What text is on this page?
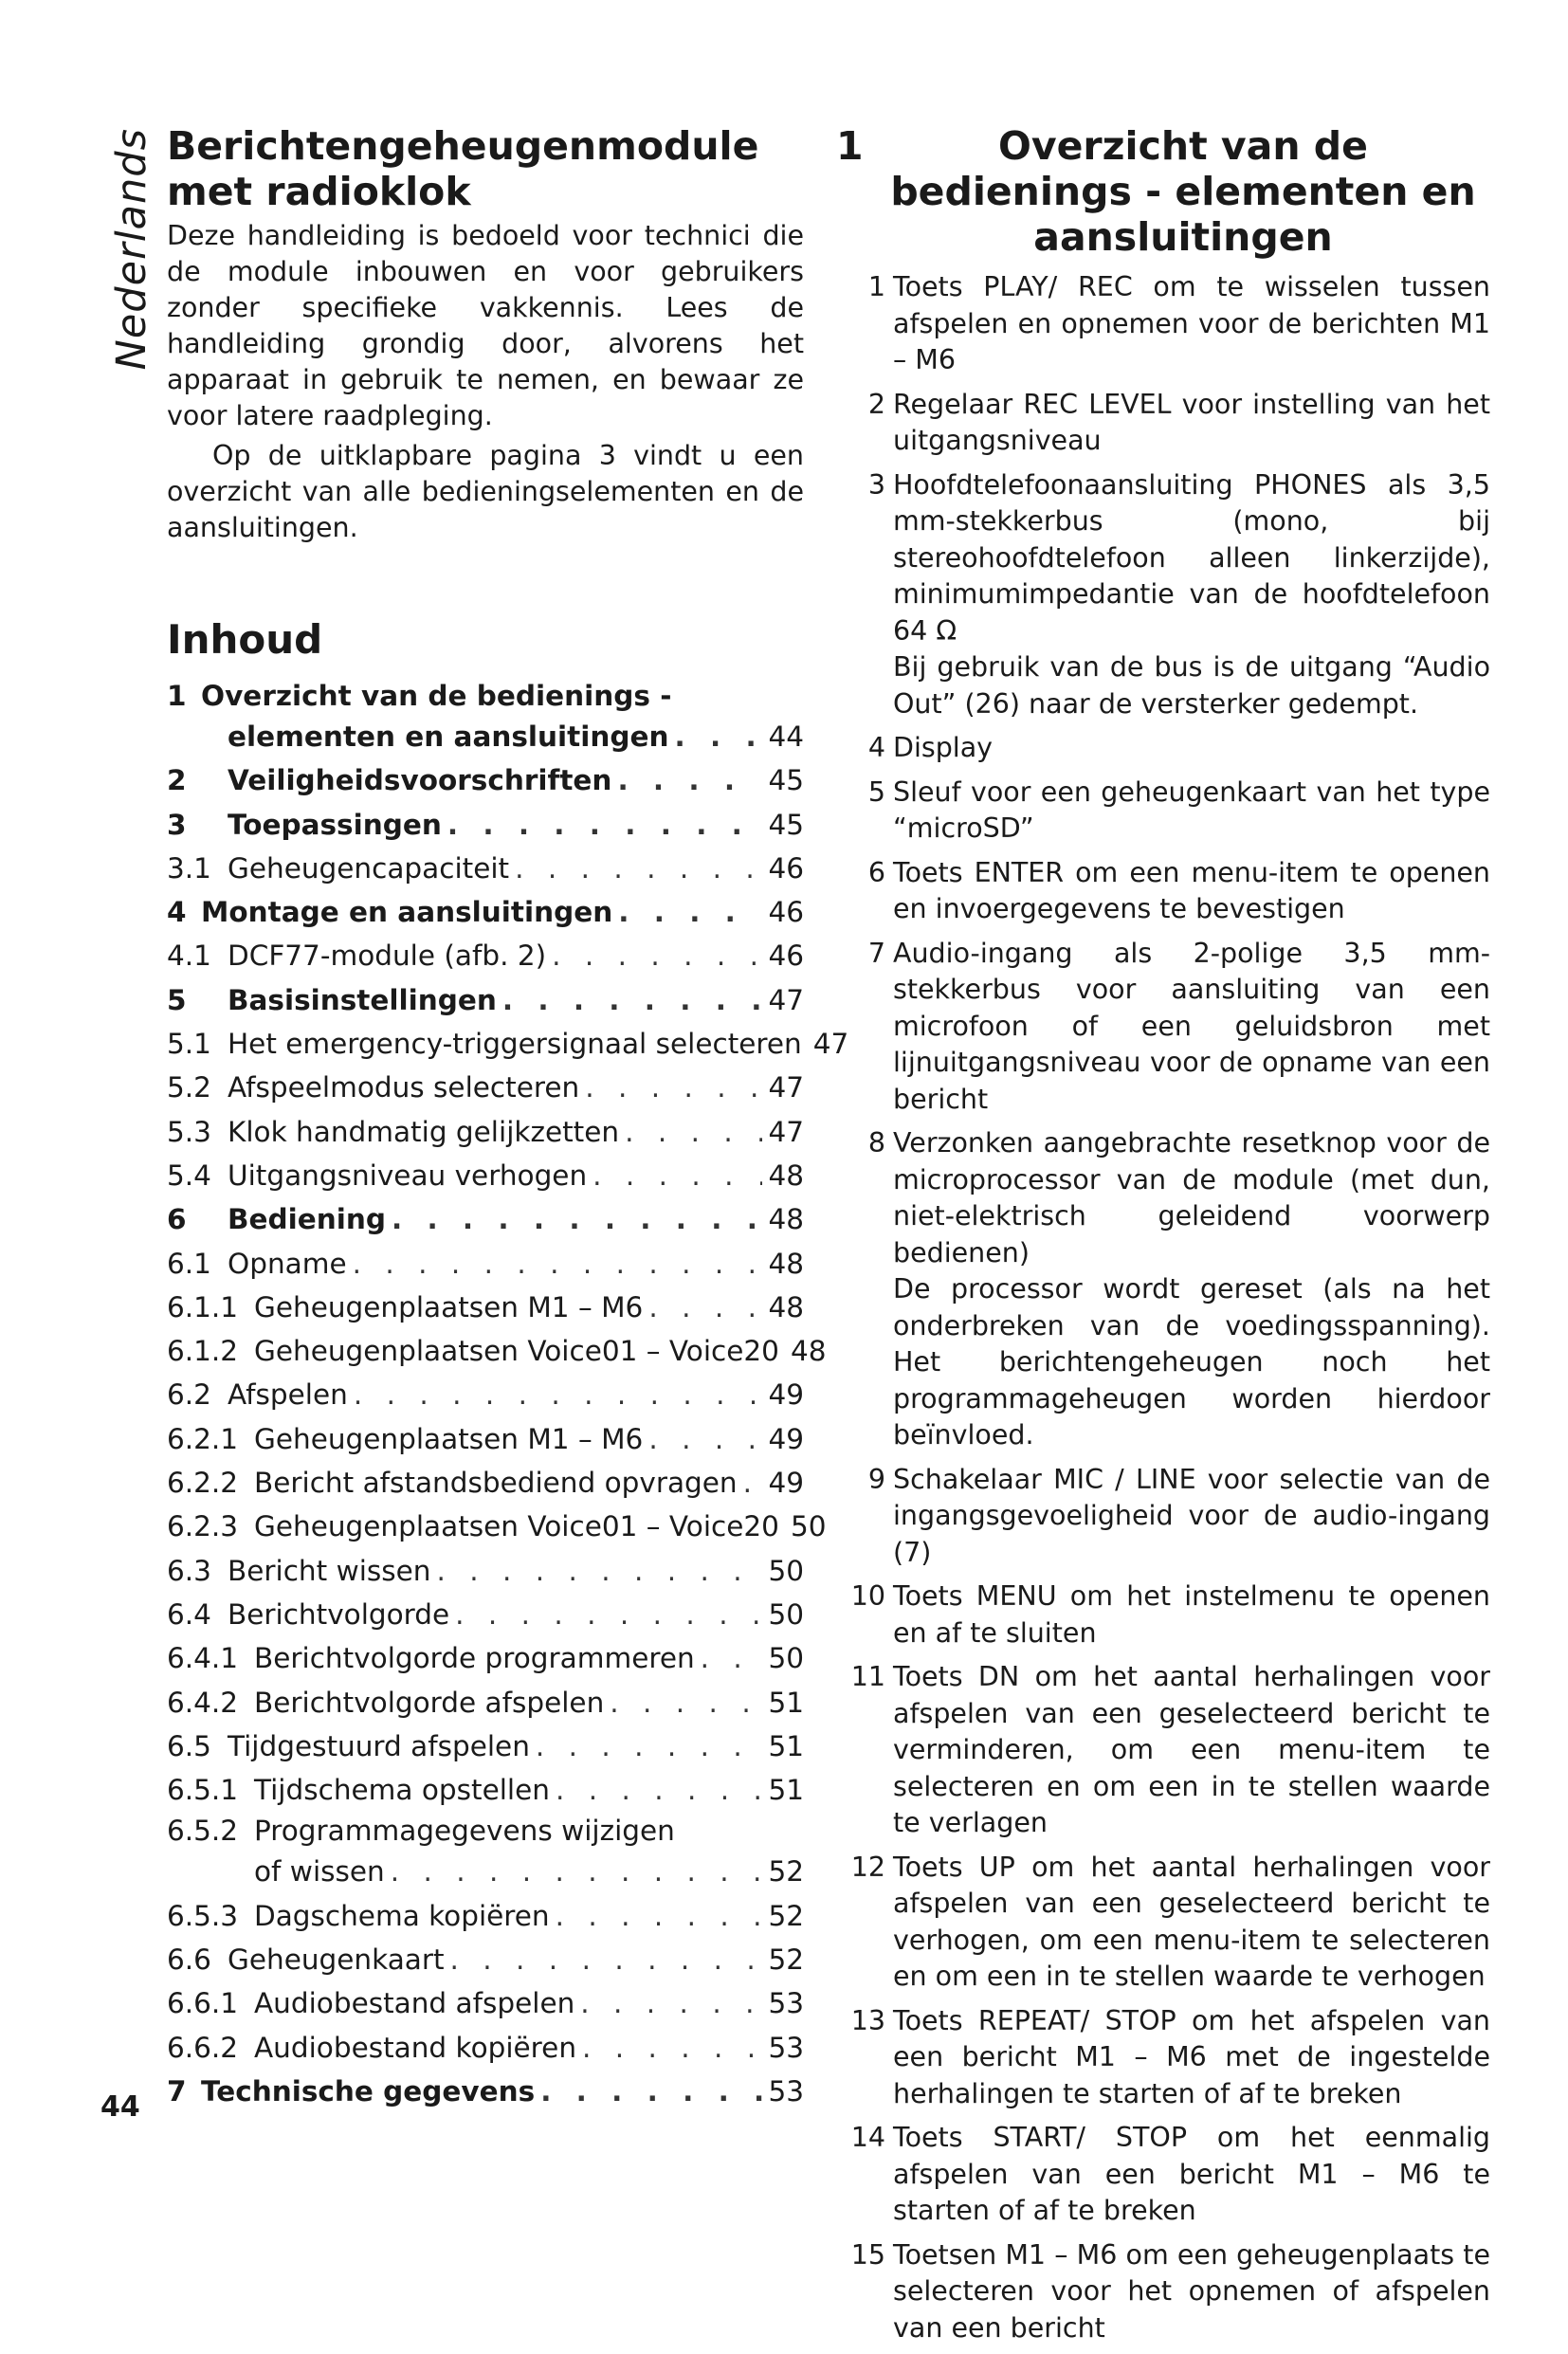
Nederlands Berichtengeheugenmodule met radioklok

Deze handleiding is bedoeld voor technici die de module inbouwen en voor gebruikers zonder specifieke vakkennis. Lees de handleiding grondig door, alvorens het apparaat in gebruik te nemen, en bewaar ze voor latere raadpleging.

Op de uitklapbare pagina 3 vindt u een overzicht van alle bedieningselementen en de aansluitingen.

Inhoud
1 Overzicht van de bedienings -
elementen en aansluitingen . . .	44
2	Veiligheidsvoorschriften . . .	45
3	Toepassingen . . .	45
3.1 Geheugencapaciteit . . .	46
4 Montage en aansluitingen . . .	46
4.1 DCF77-module (afb. 2) . . .	46
5	Basisinstellingen . . .	47
5.1 Het emergency-triggersignaal selecteren 47
5.2 Afspeelmodus selecteren . . .	47
5.3 Klok handmatig gelijkzetten . . .	47
5.4 Uitgangsniveau verhogen . . .	48
6	Bediening . . .	48
6.1 Opname . . .	48
6.1.1 Geheugenplaatsen M1 – M6 . . .	48
6.1.2 Geheugenplaatsen Voice01 – Voice20 48
6.2 Afspelen . . .	49
6.2.1 Geheugenplaatsen M1 – M6 . . .	49
6.2.2 Bericht afstandsbediend opvragen . . . 49
6.2.3 Geheugenplaatsen Voice01 – Voice20 50
6.3 Bericht wissen . . .	50
6.4 Berichtvolgorde . . .	50
6.4.1 Berichtvolgorde programmeren . . .	50
6.4.2 Berichtvolgorde afspelen . . .	51
6.5 Tijdgestuurd afspelen . . .	51
6.5.1 Tijdschema opstellen . . .	51
6.5.2 Programmagegevens wijzigen
of wissen . . .	52
6.5.3 Dagschema kopiëren . . .	52
6.6 Geheugenkaart . . .	52
6.6.1 Audiobestand afspelen . . .	53
6.6.2 Audiobestand kopiëren . . .	53
7 Technische gegevens . . .	53
44
1	Overzicht van de bedienings - elementen en aansluitingen
1 Toets PLAY/ REC om te wisselen tussen afspelen en opnemen voor de berichten M1 – M6
2 Regelaar REC LEVEL voor instelling van het uitgangsniveau
3 Hoofdtelefoonaansluiting PHONES als 3,5 mm-stekkerbus (mono, bij stereohoofdtelefoon alleen linkerzijde), minimumimpedantie van de hoofdtelefoon 64 Ω
Bij gebruik van de bus is de uitgang “Audio Out” (26) naar de versterker gedempt.
4 Display
5 Sleuf voor een geheugenkaart van het type “microSD”
6 Toets ENTER om een menu-item te openen en invoergegevens te bevestigen
7 Audio-ingang als 2-polige 3,5 mm-stekkerbus voor aansluiting van een microfoon of een geluidsbron met lijnuitgangsniveau voor de opname van een bericht
8 Verzonken aangebrachte resetknop voor de microprocessor van de module (met dun, niet-elektrisch geleidend voorwerp bedienen)
De processor wordt gereset (als na het onderbreken van de voedingsspanning). Het berichtengeheugen noch het programmageheugen worden hierdoor beïnvloed.
9 Schakelaar MIC / LINE voor selectie van de ingangsgevoeligheid voor de audio-ingang (7)
10 Toets MENU om het instelmenu te openen en af te sluiten
11 Toets DN om het aantal herhalingen voor afspelen van een geselecteerd bericht te verminderen, om een menu-item te selecteren en om een in te stellen waarde te verlagen
12 Toets UP om het aantal herhalingen voor afspelen van een geselecteerd bericht te verhogen, om een menu-item te selecteren en om een in te stellen waarde te verhogen
13 Toets REPEAT/ STOP om het afspelen van een bericht M1 – M6 met de ingestelde herhalingen te starten of af te breken
14 Toets START/ STOP om het eenmalig afspelen van een bericht M1 – M6 te starten of af te breken
15 Toetsen M1 – M6 om een geheugenplaats te selecteren voor het opnemen of afspelen van een bericht
